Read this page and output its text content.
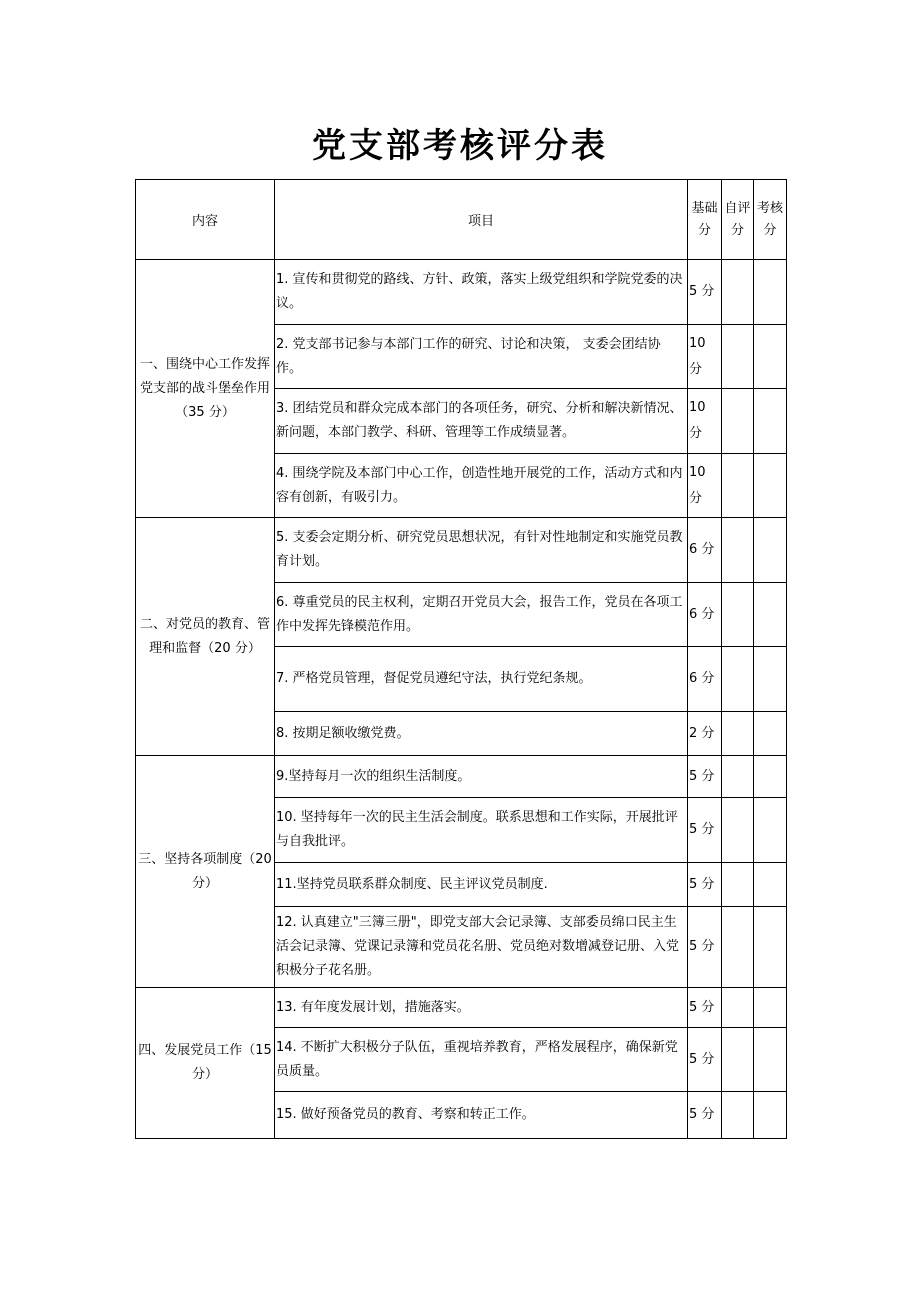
党支部考核评分表
内容	项目	基础分	自评分	考核分
一、围绕中心工作发挥党支部的战斗堡垒作用（35 分）	1. 宣传和贯彻党的路线、方针、政策，落实上级党组织和学院党委的决议。	5 分		
	2. 党支部书记参与本部门工作的研究、讨论和决策， 支委会团结协作。	10 分		
	3. 团结党员和群众完成本部门的各项任务，研究、分析和解决新情况、新问题，本部门教学、科研、管理等工作成绩显著。	10 分		
	4. 围绕学院及本部门中心工作，创造性地开展党的工作，活动方式和内容有创新，有吸引力。	10 分		
二、对党员的教育、管理和监督（20 分）	5. 支委会定期分析、研究党员思想状况，有针对性地制定和实施党员教育计划。	6 分		
	6. 尊重党员的民主权利，定期召开党员大会，报告工作，党员在各项工作中发挥先锋模范作用。	6 分		
	7. 严格党员管理，督促党员遵纪守法，执行党纪条规。	6 分		
	8. 按期足额收缴党费。	2 分		
三、坚持各项制度（20 分）	9.坚持每月一次的组织生活制度。	5 分		
	10. 坚持每年一次的民主生活会制度。联系思想和工作实际，开展批评与自我批评。	5 分		
	11.坚持党员联系群众制度、民主评议党员制度.	5 分		
	12. 认真建立"三簿三册"，即党支部大会记录簿、支部委员绵口民主生活会记录簿、党课记录簿和党员花名册、党员绝对数增减登记册、入党积极分子花名册。	5 分		
四、发展党员工作（15 分）	13. 有年度发展计划，措施落实。	5 分		
	14. 不断扩大积极分子队伍，重视培养教育，严格发展程序，确保新党员质量。	5 分		
	15. 做好预备党员的教育、考察和转正工作。	5 分		
